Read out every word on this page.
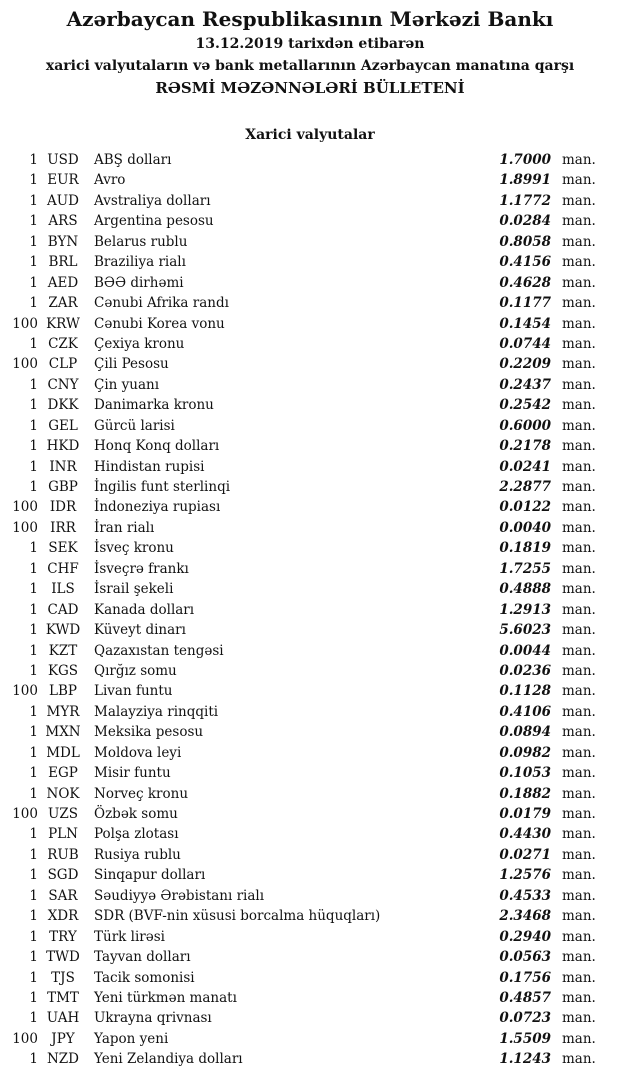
Azərbaycan Respublikasının Mərkəzi Bankı
13.12.2019 tarixdən etibarən
xarici valyutaların və bank metallarının Azərbaycan manatına qarşı
RƏSMİ MƏZƏNNƏLƏRİ BÜLLETENİ
Xarici valyutalar
1 USD	ABŞ dolları	1.7000 man.
1 EUR	Avro	1.8991 man.
1 AUD	Avstraliya dolları	1.1772 man.
1 ARS	Argentina pesosu	0.0284 man.
1 BYN	Belarus rublu	0.8058 man.
1 BRL	Braziliya rialı	0.4156 man.
1 AED	BƏƏ dirhəmi	0.4628 man.
1 ZAR	Cənubi Afrika randı	0.1177 man.
100 KRW	Cənubi Korea vonu	0.1454 man.
1 CZK	Çexiya kronu	0.0744 man.
100 CLP	Çili Pesosu	0.2209 man.
1 CNY	Çin yuanı	0.2437 man.
1 DKK	Danimarka kronu	0.2542 man.
1 GEL	Gürcü larisi	0.6000 man.
1 HKD	Honq Konq dolları	0.2178 man.
1 INR	Hindistan rupisi	0.0241 man.
1 GBP	İngilis funt sterlinqi	2.2877 man.
100 IDR	İndoneziya rupiası	0.0122 man.
100 IRR	İran rialı	0.0040 man.
1 SEK	İsveç kronu	0.1819 man.
1 CHF	İsveçrə frankı	1.7255 man.
1 ILS	İsrail şekeli	0.4888 man.
1 CAD	Kanada dolları	1.2913 man.
1 KWD	Küveyt dinarı	5.6023 man.
1 KZT	Qazaxıstan tengəsi	0.0044 man.
1 KGS	Qırğız somu	0.0236 man.
100 LBP	Livan funtu	0.1128 man.
1 MYR	Malayziya rinqqiti	0.4106 man.
1 MXN Meksika pesosu	0.0894 man.
1 MDL	Moldova leyi	0.0982 man.
1 EGP	Misir funtu	0.1053 man.
1 NOK	Norveç kronu	0.1882 man.
100 UZS	Özbək somu	0.0179 man.
1 PLN	Polşa zlotası	0.4430 man.
1 RUB	Rusiya rublu	0.0271 man.
1 SGD	Sinqapur dolları	1.2576 man.
1 SAR	Səudiyyə Ərəbistanı rialı	0.4533 man.
1 XDR	SDR (BVF-nin xüsusi borcalma hüquqları)	2.3468 man.
1 TRY	Türk lirəsi	0.2940 man.
1 TWD	Tayvan dolları	0.0563 man.
1 TJS	Tacik somonisi	0.1756 man.
1 TMT	Yeni türkmən manatı	0.4857 man.
1 UAH	Ukrayna qrivnası	0.0723 man.
100 JPY	Yapon yeni	1.5509 man.
1 NZD	Yeni Zelandiya dolları	1.1243 man.
